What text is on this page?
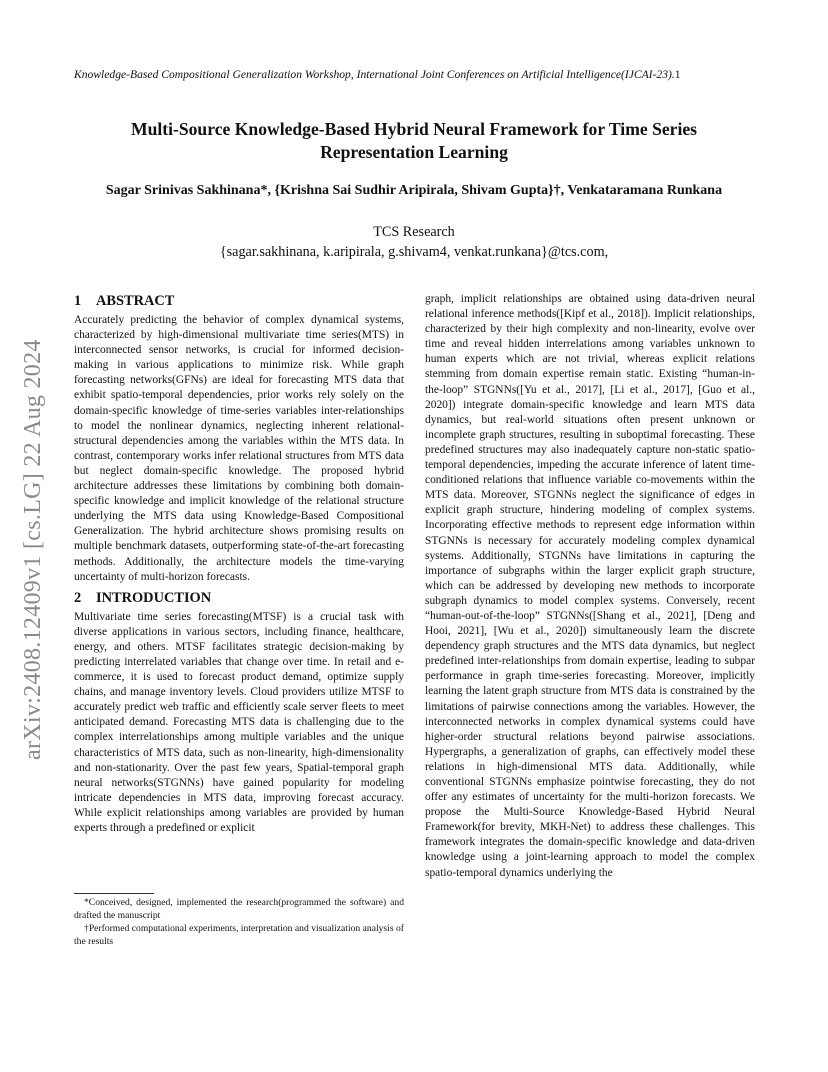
Knowledge-Based Compositional Generalization Workshop, International Joint Conferences on Artificial Intelligence(IJCAI-23).1
arXiv:2408.12409v1 [cs.LG] 22 Aug 2024
Multi-Source Knowledge-Based Hybrid Neural Framework for Time Series Representation Learning
Sagar Srinivas Sakhinana*, {Krishna Sai Sudhir Aripirala, Shivam Gupta}†, Venkataramana Runkana
TCS Research
{sagar.sakhinana, k.aripirala, g.shivam4, venkat.runkana}@tcs.com,
1 ABSTRACT

Accurately predicting the behavior of complex dynamical systems, characterized by high-dimensional multivariate time series(MTS) in interconnected sensor networks, is crucial for informed decision-making in various applications to minimize risk. While graph forecasting networks(GFNs) are ideal for forecasting MTS data that exhibit spatio-temporal dependencies, prior works rely solely on the domain-specific knowledge of time-series variables inter-relationships to model the nonlinear dynamics, neglecting inherent relational-structural dependencies among the variables within the MTS data. In contrast, contemporary works infer relational structures from MTS data but neglect domain-specific knowledge. The proposed hybrid architecture addresses these limitations by combining both domain-specific knowledge and implicit knowledge of the relational structure underlying the MTS data using Knowledge-Based Compositional Generalization. The hybrid architecture shows promising results on multiple benchmark datasets, outperforming state-of-the-art forecasting methods. Additionally, the architecture models the time-varying uncertainty of multi-horizon forecasts.

2 INTRODUCTION

Multivariate time series forecasting(MTSF) is a crucial task with diverse applications in various sectors, including finance, healthcare, energy, and others. MTSF facilitates strategic decision-making by predicting interrelated variables that change over time. In retail and e-commerce, it is used to forecast product demand, optimize supply chains, and manage inventory levels. Cloud providers utilize MTSF to accurately predict web traffic and efficiently scale server fleets to meet anticipated demand. Forecasting MTS data is challenging due to the complex interrelationships among multiple variables and the unique characteristics of MTS data, such as non-linearity, high-dimensionality and non-stationarity. Over the past few years, Spatial-temporal graph neural networks(STGNNs) have gained popularity for modeling intricate dependencies in MTS data, improving forecast accuracy. While explicit relationships among variables are provided by human experts through a predefined or explicit

graph, implicit relationships are obtained using data-driven neural relational inference methods([Kipf et al., 2018]). Implicit relationships, characterized by their high complexity and non-linearity, evolve over time and reveal hidden interrelations among variables unknown to human experts which are not trivial, whereas explicit relations stemming from domain expertise remain static. Existing “human-in-the-loop” STGNNs([Yu et al., 2017], [Li et al., 2017], [Guo et al., 2020]) integrate domain-specific knowledge and learn MTS data dynamics, but real-world situations often present unknown or incomplete graph structures, resulting in suboptimal forecasting. These predefined structures may also inadequately capture non-static spatio-temporal dependencies, impeding the accurate inference of latent time-conditioned relations that influence variable co-movements within the MTS data. Moreover, STGNNs neglect the significance of edges in explicit graph structure, hindering modeling of complex systems. Incorporating effective methods to represent edge information within STGNNs is necessary for accurately modeling complex dynamical systems. Additionally, STGNNs have limitations in capturing the importance of subgraphs within the larger explicit graph structure, which can be addressed by developing new methods to incorporate subgraph dynamics to model complex systems. Conversely, recent “human-out-of-the-loop” STGNNs([Shang et al., 2021], [Deng and Hooi, 2021], [Wu et al., 2020]) simultaneously learn the discrete dependency graph structures and the MTS data dynamics, but neglect predefined inter-relationships from domain expertise, leading to subpar performance in graph time-series forecasting. Moreover, implicitly learning the latent graph structure from MTS data is constrained by the limitations of pairwise connections among the variables. However, the interconnected networks in complex dynamical systems could have higher-order structural relations beyond pairwise associations. Hypergraphs, a generalization of graphs, can effectively model these relations in high-dimensional MTS data. Additionally, while conventional STGNNs emphasize pointwise forecasting, they do not offer any estimates of uncertainty for the multi-horizon forecasts. We propose the Multi-Source Knowledge-Based Hybrid Neural Framework(for brevity, MKH-Net) to address these challenges. This framework integrates the domain-specific knowledge and data-driven knowledge using a joint-learning approach to model the complex spatio-temporal dynamics underlying the

*Conceived, designed, implemented the research(programmed the software) and drafted the manuscript

†Performed computational experiments, interpretation and visualization analysis of the results
